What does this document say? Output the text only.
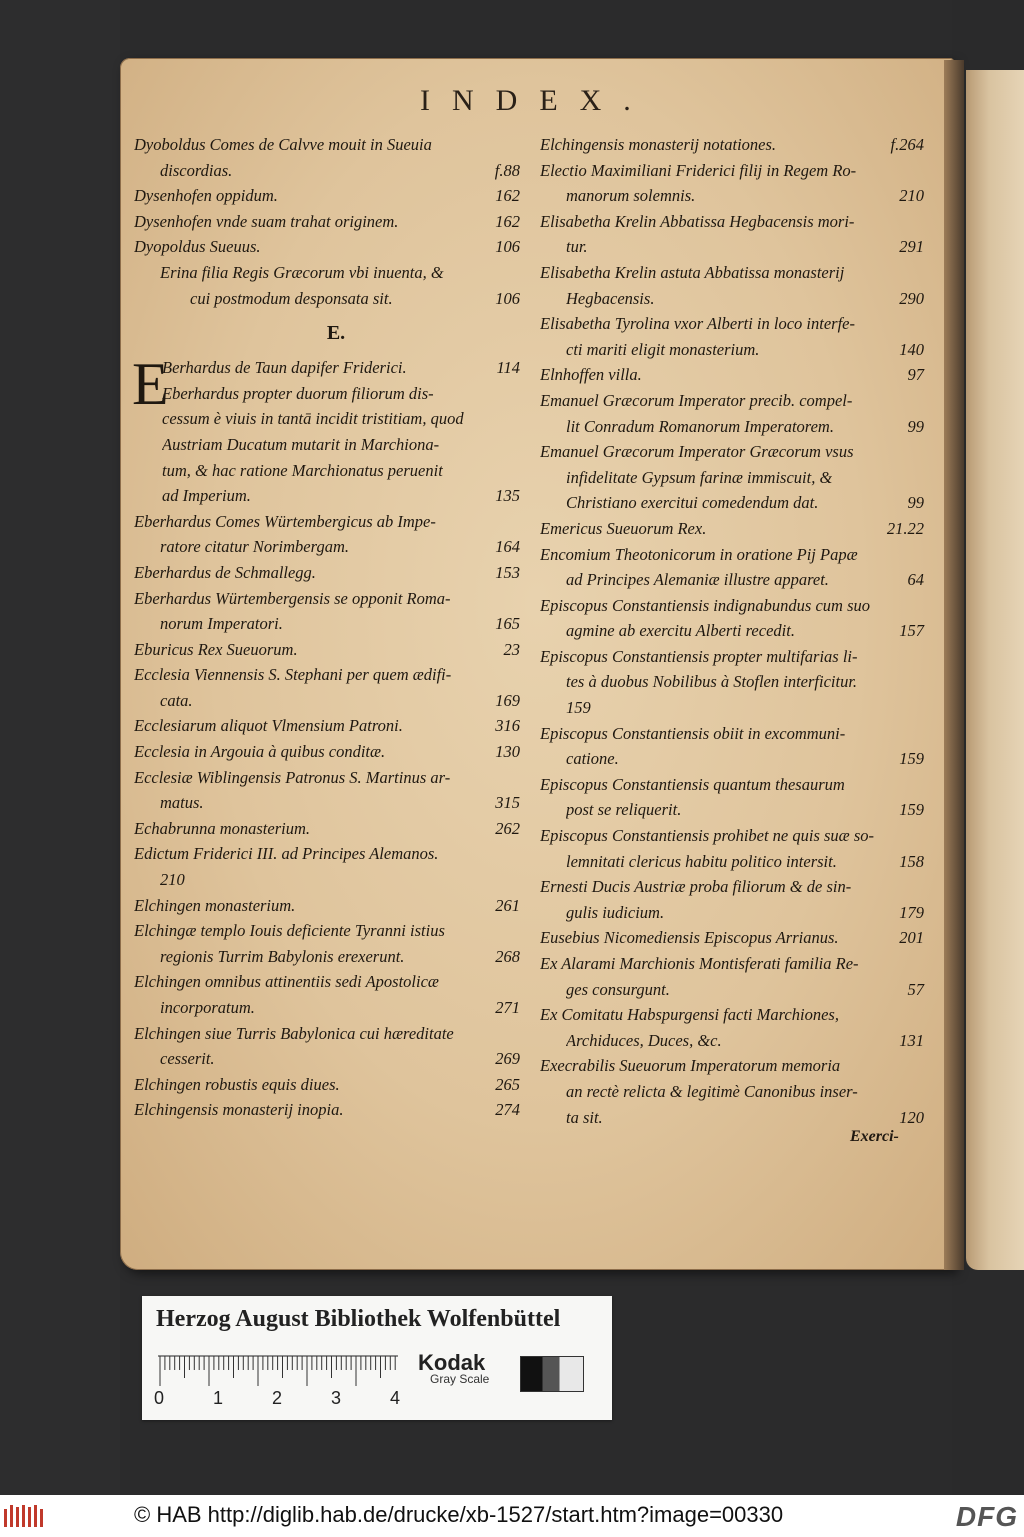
INDEX.
Dyoboldus Comes de Calvve mouit in Sueuia
discordias.	f.88
Dysenhofen oppidum.	162
Dysenhofen vnde suam trahat originem.	162
Dyopoldus Sueuus.	106
Erina filia Regis Græcorum vbi inuenta, &
cui postmodum desponsata sit.	106
E.
E
Berhardus de Taun dapifer Friderici.	114
Eberhardus propter duorum filiorum dis-
cessum è viuis in tantā incidit tristitiam, quod
Austriam Ducatum mutarit in Marchiona-
tum, & hac ratione Marchionatus peruenit
ad Imperium.	135
Eberhardus Comes Würtembergicus ab Impe-
ratore citatur Norimbergam.	164
Eberhardus de Schmallegg.	153
Eberhardus Würtembergensis se opponit Roma-
norum Imperatori.	165
Eburicus Rex Sueuorum.	23
Ecclesia Viennensis S. Stephani per quem ædifi-
cata.	169
Ecclesiarum aliquot Vlmensium Patroni.	316
Ecclesia in Argouia à quibus conditæ.	130
Ecclesiæ Wiblingensis Patronus S. Martinus ar-
matus.	315
Echabrunna monasterium.	262
Edictum Friderici III. ad Principes Alemanos.
210
Elchingen monasterium.	261
Elchingæ templo Iouis deficiente Tyranni istius
regionis Turrim Babylonis erexerunt.	268
Elchingen omnibus attinentiis sedi Apostolicæ
incorporatum.	271
Elchingen siue Turris Babylonica cui hæreditate
cesserit.	269
Elchingen robustis equis diues.	265
Elchingensis monasterij inopia.	274
Elchingensis monasterij notationes.	f.264
Electio Maximiliani Friderici filij in Regem Ro-
manorum solemnis.	210
Elisabetha Krelin Abbatissa Hegbacensis mori-
tur.	291
Elisabetha Krelin astuta Abbatissa monasterij
Hegbacensis.	290
Elisabetha Tyrolina vxor Alberti in loco interfe-
cti mariti eligit monasterium.	140
Elnhoffen villa.	97
Emanuel Græcorum Imperator precib. compel-
lit Conradum Romanorum Imperatorem.	99
Emanuel Græcorum Imperator Græcorum vsus
infidelitate Gypsum farinæ immiscuit, &
Christiano exercitui comedendum dat.	99
Emericus Sueuorum Rex.	21.22
Encomium Theotonicorum in oratione Pij Papæ
ad Principes Alemaniæ illustre apparet.	64
Episcopus Constantiensis indignabundus cum suo
agmine ab exercitu Alberti recedit.	157
Episcopus Constantiensis propter multifarias li-
tes à duobus Nobilibus à Stoflen interficitur.
159
Episcopus Constantiensis obiit in excommuni-
catione.	159
Episcopus Constantiensis quantum thesaurum
post se reliquerit.	159
Episcopus Constantiensis prohibet ne quis suæ so-
lemnitati clericus habitu politico intersit.	158
Ernesti Ducis Austriæ proba filiorum & de sin-
gulis iudicium.	179
Eusebius Nicomediensis Episcopus Arrianus.	201
Ex Alarami Marchionis Montisferati familia Re-
ges consurgunt.	57
Ex Comitatu Habspurgensi facti Marchiones,
Archiduces, Duces, &c.	131
Execrabilis Sueuorum Imperatorum memoria
an rectè relicta & legitimè Canonibus inser-
ta sit.	120
Exerci-
Herzog August Bibliothek Wolfenbüttel
0	1	2	3	4
Kodak
Gray Scale
© HAB http://diglib.hab.de/drucke/xb-1527/start.htm?image=00330	DFG
